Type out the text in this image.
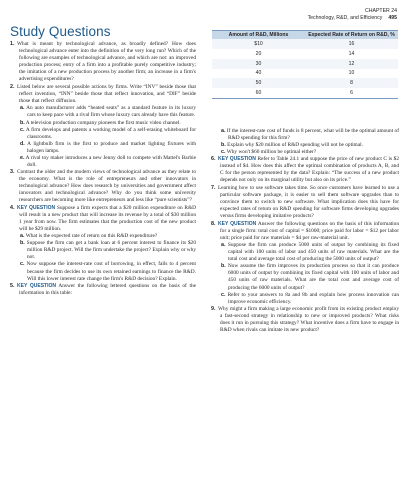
CHAPTER 24
Technology, R&D, and Efficiency 495
Study Questions

1. What is meant by technological advance, as broadly defined? How does technological advance enter into the definition of the very long run? Which of the following are examples of technological advance, and which are not: an improved production process; entry of a firm into a profitable purely competitive industry; the imitation of a new production process by another firm; an increase in a firm's advertising expenditures?

2. Listed below are several possible actions by firms. Write “INV” beside those that reflect invention, “INN” beside those that reflect innovation, and “DIF” beside those that reflect diffusion.

a. An auto manufacturer adds “heated seats” as a standard feature in its luxury cars to keep pace with a rival firm whose luxury cars already have this feature.

b. A television production company pioneers the first music video channel.

c. A firm develops and patents a working model of a self-erasing whiteboard for classrooms.

d. A lightbulb firm is the first to produce and market lighting fixtures with halogen lamps.

e. A rival toy maker introduces a new Jenny doll to compete with Mattel's Barbie doll.

3. Contrast the older and the modern views of technological advance as they relate to the economy. What is the role of entrepreneurs and other innovators in technological advance? How does research by universities and government affect innovators and technological advance? Why do you think some university researchers are becoming more like entrepreneurs and less like “pure scientists”?

4. KEY QUESTION Suppose a firm expects that a $20 million expenditure on R&D will result in a new product that will increase its revenue by a total of $30 million 1 year from now. The firm estimates that the production cost of the new product will be $29 million.

a. What is the expected rate of return on this R&D expenditure?

b. Suppose the firm can get a bank loan at 6 percent interest to finance its $20 million R&D project. Will the firm undertake the project? Explain why or why not.

c. Now suppose the interest-rate cost of borrowing, in effect, falls to 4 percent because the firm decides to use its own retained earnings to finance the R&D. Will this lower interest rate change the firm's R&D decision? Explain.

5. KEY QUESTION Answer the following lettered questions on the basis of the information in this table:

Amount of R&D, Millions	Expected Rate of Return on R&D, %
$10	16
20	14
30	12
40	10
50	8
60	6

a. If the interest-rate cost of funds is 8 percent, what will be the optimal amount of R&D spending for this firm?

b. Explain why $20 million of R&D spending will not be optimal.

c. Why won't $60 million be optimal either?

6. KEY QUESTION Refer to Table 24.1 and suppose the price of new product C is $2 instead of $4. How does this affect the optimal combination of products A, B, and C for the person represented by the data? Explain: “The success of a new product depends not only on its marginal utility but also on its price.”

7. Learning how to use software takes time. So once customers have learned to use a particular software package, it is easier to sell them software upgrades than to convince them to switch to new software. What implication does this have for expected rates of return on R&D spending for software firms developing upgrades versus firms developing imitative products?

8. KEY QUESTION Answer the following questions on the basis of this information for a single firm: total cost of capital = $1000; price paid for labor = $12 per labor unit; price paid for raw materials = $4 per raw-material unit.

a. Suppose the firm can produce 5000 units of output by combining its fixed capital with 100 units of labor and 450 units of raw materials. What are the total cost and average total cost of producing the 5000 units of output?

b. Now assume the firm improves its production process so that it can produce 6000 units of output by combining its fixed capital with 100 units of labor and 450 units of raw materials. What are the total cost and average cost of producing the 6000 units of output?

c. Refer to your answers to 8a and 8b and explain how process innovation can improve economic efficiency.

9. Why might a firm making a large economic profit from its existing product employ a fast-second strategy in relationship to new or improved products? What risks does it run in pursuing this strategy? What incentive does a firm have to engage in R&D when rivals can imitate its new product?
